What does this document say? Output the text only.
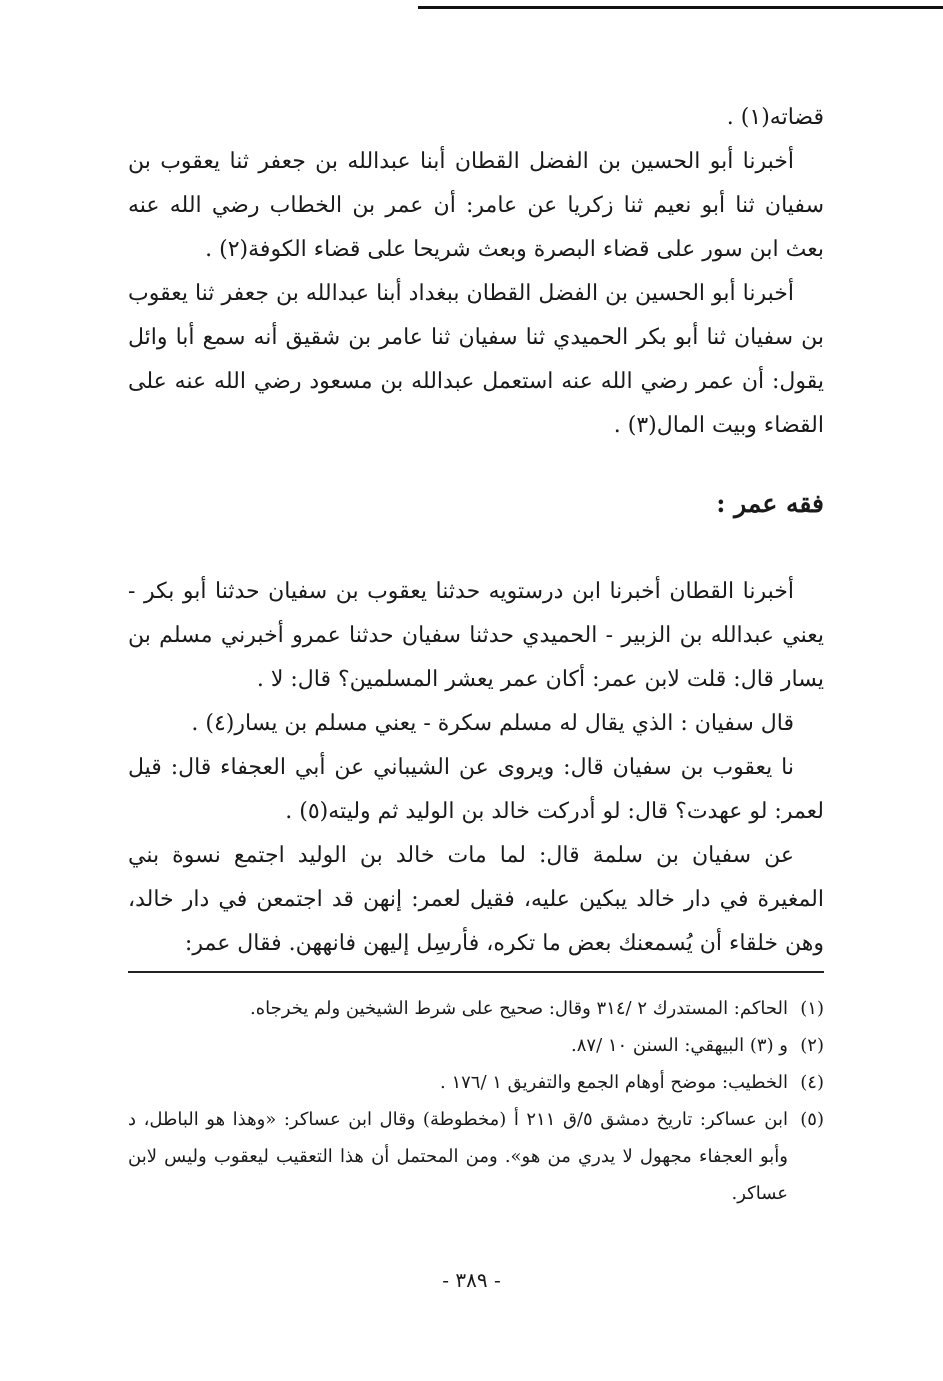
قضاته(١) .

أخبرنا أبو الحسين بن الفضل القطان أبنا عبدالله بن جعفر ثنا يعقوب بن سفيان ثنا أبو نعيم ثنا زكريا عن عامر: أن عمر بن الخطاب رضي الله عنه بعث ابن سور على قضاء البصرة وبعث شريحا على قضاء الكوفة(٢) .

أخبرنا أبو الحسين بن الفضل القطان ببغداد أبنا عبدالله بن جعفر ثنا يعقوب بن سفيان ثنا أبو بكر الحميدي ثنا سفيان ثنا عامر بن شقيق أنه سمع أبا وائل يقول: أن عمر رضي الله عنه استعمل عبدالله بن مسعود رضي الله عنه على القضاء وبيت المال(٣) .

فقه عمر :

أخبرنا القطان أخبرنا ابن درستويه حدثنا يعقوب بن سفيان حدثنا أبو بكر - يعني عبدالله بن الزبير - الحميدي حدثنا سفيان حدثنا عمرو أخبرني مسلم بن يسار قال: قلت لابن عمر: أكان عمر يعشر المسلمين؟ قال: لا .

قال سفيان : الذي يقال له مسلم سكرة - يعني مسلم بن يسار(٤) .

نا يعقوب بن سفيان قال: ويروى عن الشيباني عن أبي العجفاء قال: قيل لعمر: لو عهدت؟ قال: لو أدركت خالد بن الوليد ثم وليته(٥) .

عن سفيان بن سلمة قال: لما مات خالد بن الوليد اجتمع نسوة بني المغيرة في دار خالد يبكين عليه، فقيل لعمر: إنهن قد اجتمعن في دار خالد، وهن خلقاء أن يُسمعنك بعض ما تكره، فأرسِل إليهن فانههن. فقال عمر:

(١)
الحاكم: المستدرك ٢ /٣١٤ وقال: صحيح على شرط الشيخين ولم يخرجاه.
(٢)
و (٣) البيهقي: السنن ١٠ /٨٧.
(٤)
الخطيب: موضح أوهام الجمع والتفريق ١ /١٧٦ .
(٥)
ابن عساكر: تاريخ دمشق ٥/ق ٢١١ أ (مخطوطة) وقال ابن عساكر: «وهذا هو الباطل، د وأبو العجفاء مجهول لا يدري من هو». ومن المحتمل أن هذا التعقيب ليعقوب وليس لابن عساكر.
- ٣٨٩ -
